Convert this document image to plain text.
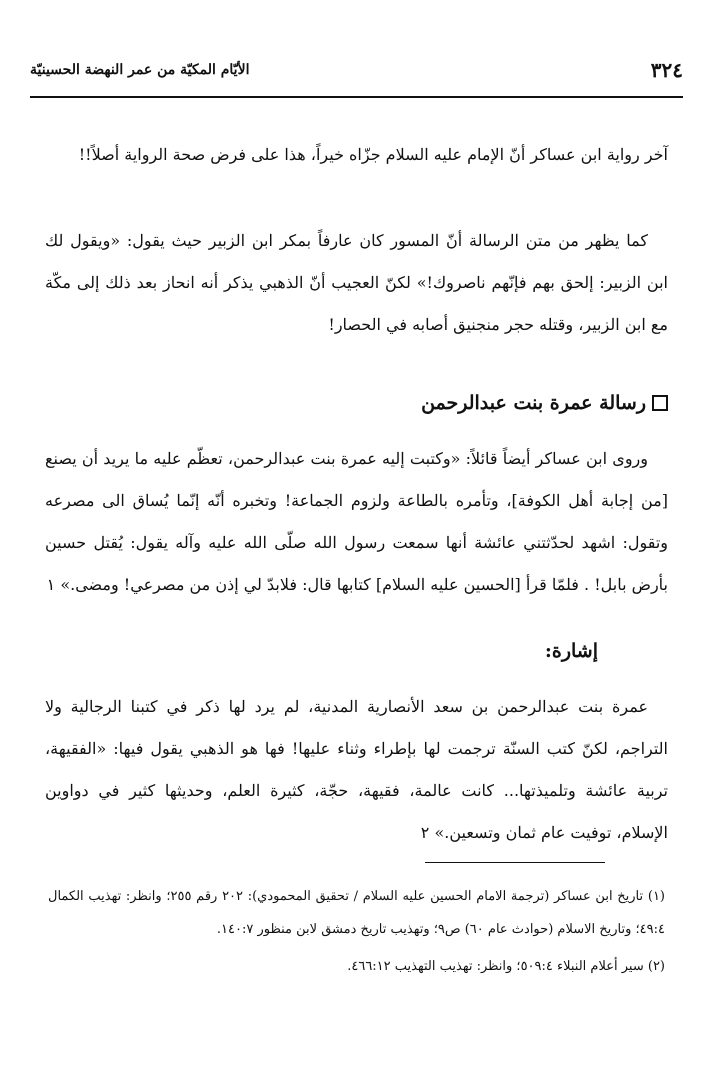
٣٢٤
الأيّام المكيّة من عمر النهضة الحسينيّة

آخر رواية ابن عساكر أنّ الإمام عليه السلام جزّاه خيراً، هذا على فرض صحة الرواية أصلاً!!

كما يظهر من متن الرسالة أنّ المسور كان عارفاً بمكر ابن الزبير حيث يقول: «ويقول لك ابن الزبير: إلحق بهم فإنّهم ناصروك!» لكنّ العجيب أنّ الذهبي يذكر أنه انحاز بعد ذلك إلى مكّة مع ابن الزبير، وقتله حجر منجنيق أصابه في الحصار!

رسالة عمرة بنت عبدالرحمن

وروى ابن عساكر أيضاً قائلاً: «وكتبت إليه عمرة بنت عبدالرحمن، تعظّم عليه ما يريد أن يصنع [من إجابة أهل الكوفة]، وتأمره بالطاعة ولزوم الجماعة! وتخبره أنّه إنّما يُساق الى مصرعه وتقول: اشهد لحدّثتني عائشة أنها سمعت رسول الله صلّى الله عليه وآله يقول: يُقتل حسين بأرض بابل! . فلمّا قرأ [الحسين عليه السلام] كتابها قال: فلابدّ لي إذن من مصرعي! ومضى.» ١

إشارة:

عمرة بنت عبدالرحمن بن سعد الأنصارية المدنية، لم يرد لها ذكر في كتبنا الرجالية ولا التراجم، لكنّ كتب السنّة ترجمت لها بإطراء وثناء عليها! فها هو الذهبي يقول فيها: «الفقيهة، تربية عائشة وتلميذتها... كانت عالمة، فقيهة، حجّة، كثيرة العلم، وحديثها كثير في دواوين الإسلام، توفيت عام ثمان وتسعين.» ٢

(١) تاريخ ابن عساكر (ترجمة الامام الحسين عليه السلام / تحقيق المحمودي): ٢٠٢ رقم ٢٥٥؛ وانظر: تهذيب الكمال ٤٩:٤؛ وتاريخ الاسلام (حوادث عام ٦٠) ص٩؛ وتهذيب تاريخ دمشق لابن منظور ١٤٠:٧.

(٢) سير أعلام النبلاء ٥٠٩:٤؛ وانظر: تهذيب التهذيب ٤٦٦:١٢.
